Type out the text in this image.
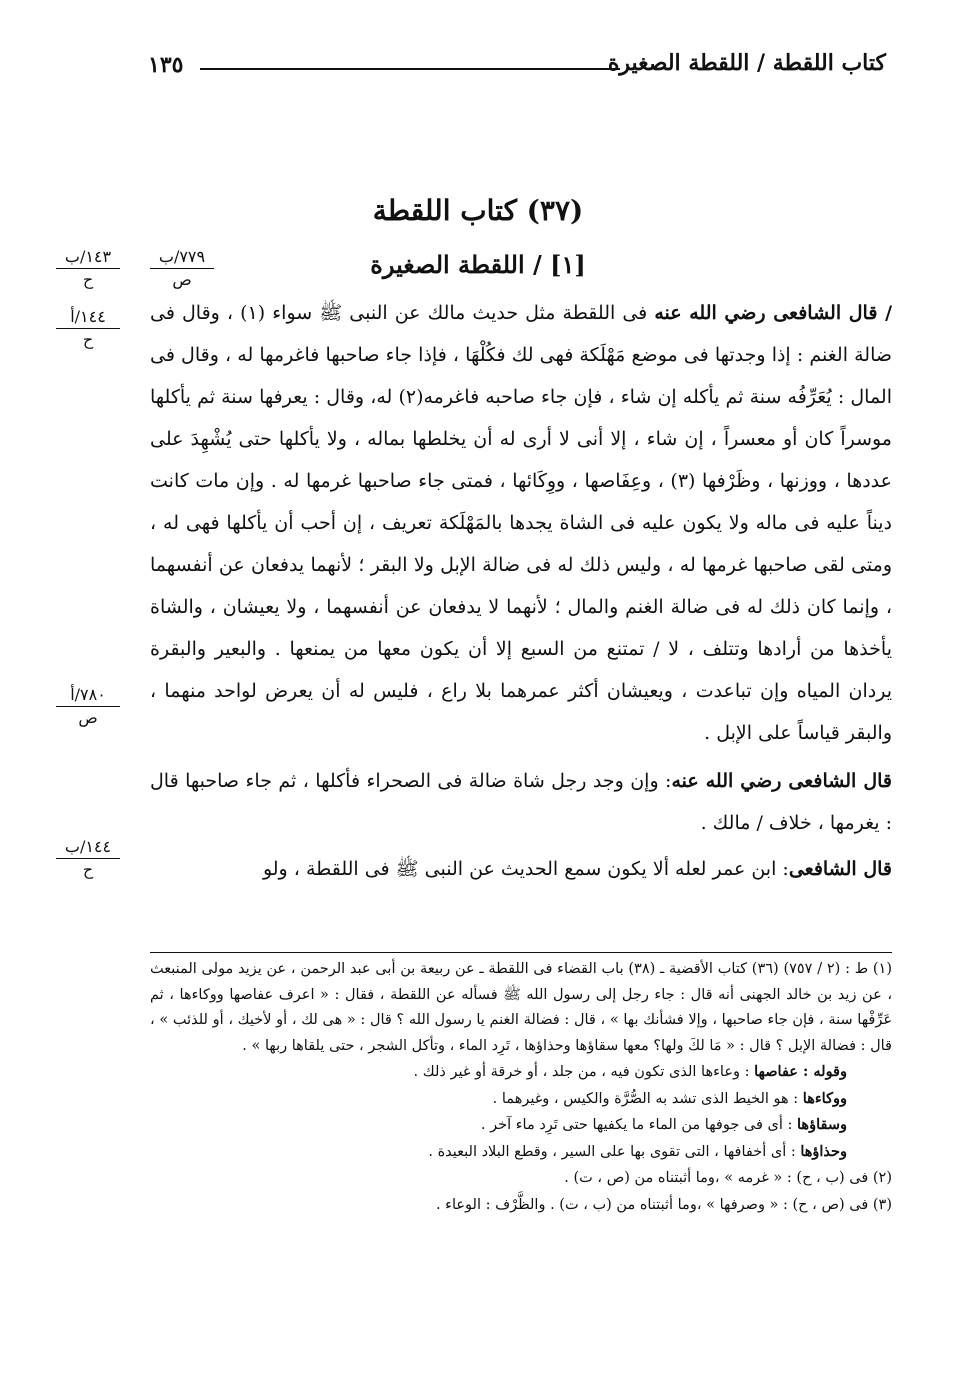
كتاب اللقطة / اللقطة الصغيرة
١٣٥
(٣٧) كتاب اللقطة
[١] / اللقطة الصغيرة
١٤٣/ب
ح
٧٧٩/ب
ص
١٤٤/أ
ح
٧٨٠/أ
ص
١٤٤/ب
ح

/ قال الشافعى رضي الله عنه فى اللقطة مثل حديث مالك عن النبى ﷺ سواء (١) ، وقال فى ضالة الغنم : إذا وجدتها فى موضع مَهْلَكة فهى لك فكُلْهَا ، فإذا جاء صاحبها فاغرمها له ، وقال فى المال : يُعَرِّفُه سنة ثم يأكله إن شاء ، فإن جاء صاحبه فاغرمه(٢) له، وقال : يعرفها سنة ثم يأكلها موسراً كان أو معسراً ، إن شاء ، إلا أنى لا أرى له أن يخلطها بماله ، ولا يأكلها حتى يُشْهِدَ على عددها ، ووزنها ، وظَرْفها (٣) ، وعِفَاصها ، ووِكَائها ، فمتى جاء صاحبها غرمها له . وإن مات كانت ديناً عليه فى ماله ولا يكون عليه فى الشاة يجدها بالمَهْلَكة تعريف ، إن أحب أن يأكلها فهى له ، ومتى لقى صاحبها غرمها له ، وليس ذلك له فى ضالة الإبل ولا البقر ؛ لأنهما يدفعان عن أنفسهما ، وإنما كان ذلك له فى ضالة الغنم والمال ؛ لأنهما لا يدفعان عن أنفسهما ، ولا يعيشان ، والشاة يأخذها من أرادها وتتلف ، لا / تمتنع من السبع إلا أن يكون معها من يمنعها . والبعير والبقرة يردان المياه وإن تباعدت ، ويعيشان أكثر عمرهما بلا راع ، فليس له أن يعرض لواحد منهما ، والبقر قياساً على الإبل .

قال الشافعى رضي الله عنه: وإن وجد رجل شاة ضالة فى الصحراء فأكلها ، ثم جاء صاحبها قال : يغرمها ، خلاف / مالك .

قال الشافعى: ابن عمر لعله ألا يكون سمع الحديث عن النبى ﷺ فى اللقطة ، ولو

(١) ط : (٢ / ٧٥٧) (٣٦) كتاب الأقضية ـ (٣٨) باب القضاء فى اللقطة ـ عن ربيعة بن أبى عبد الرحمن ، عن يزيد مولى المنبعث ، عن زيد بن خالد الجهنى أنه قال : جاء رجل إلى رسول الله ﷺ فسأله عن اللقطة ، فقال : « اعرف عفاصها ووكاءها ، ثم عَرِّفْها سنة ، فإن جاء صاحبها ، وإلا فشأنك بها » ، قال : فضالة الغنم يا رسول الله ؟ قال : « هى لك ، أو لأخيك ، أو للذئب » ، قال : فضالة الإبل ؟ قال : « مَا لكَ ولها؟ معها سقاؤها وحذاؤها ، تَرِد الماء ، وتأكل الشجر ، حتى يلقاها ربها » .

وقوله : عفاصها : وعاءها الذى تكون فيه ، من جلد ، أو خرقة أو غير ذلك .

ووكاءها : هو الخيط الذى تشد به الصُّرَّة والكيس ، وغيرهما .

وسقاؤها : أى فى جوفها من الماء ما يكفيها حتى تَرِد ماء آخر .

وحذاؤها : أى أخفافها ، التى تقوى بها على السير ، وقطع البلاد البعيدة .

(٢) فى (ب ، ح) : « غرمه » ،وما أثبتناه من (ص ، ت) .

(٣) فى (ص ، ح) : « وصرفها » ،وما أثبتناه من (ب ، ت) . والظَّرْف : الوعاء .
